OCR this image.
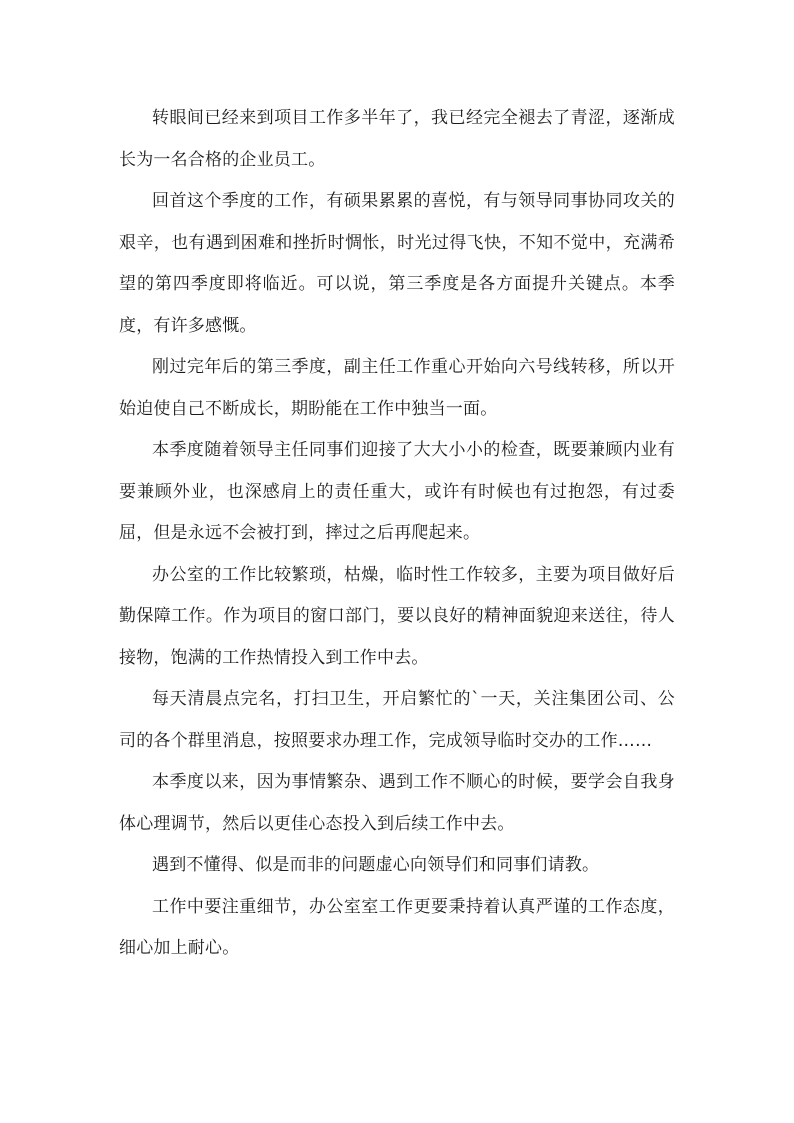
转眼间已经来到项目工作多半年了，我已经完全褪去了青涩，逐渐成长为一名合格的企业员工。

回首这个季度的工作，有硕果累累的喜悦，有与领导同事协同攻关的艰辛，也有遇到困难和挫折时惆怅，时光过得飞快，不知不觉中，充满希望的第四季度即将临近。可以说，第三季度是各方面提升关键点。本季度，有许多感慨。

刚过完年后的第三季度，副主任工作重心开始向六号线转移，所以开始迫使自己不断成长，期盼能在工作中独当一面。

本季度随着领导主任同事们迎接了大大小小的检查，既要兼顾内业有要兼顾外业，也深感肩上的责任重大，或许有时候也有过抱怨，有过委屈，但是永远不会被打到，摔过之后再爬起来。

办公室的工作比较繁琐，枯燥，临时性工作较多，主要为项目做好后勤保障工作。作为项目的窗口部门，要以良好的精神面貌迎来送往，待人接物，饱满的工作热情投入到工作中去。

每天清晨点完名，打扫卫生，开启繁忙的`一天，关注集团公司、公司的各个群里消息，按照要求办理工作，完成领导临时交办的工作……

本季度以来，因为事情繁杂、遇到工作不顺心的时候，要学会自我身体心理调节，然后以更佳心态投入到后续工作中去。

遇到不懂得、似是而非的问题虚心向领导们和同事们请教。

工作中要注重细节，办公室室工作更要秉持着认真严谨的工作态度，细心加上耐心。
